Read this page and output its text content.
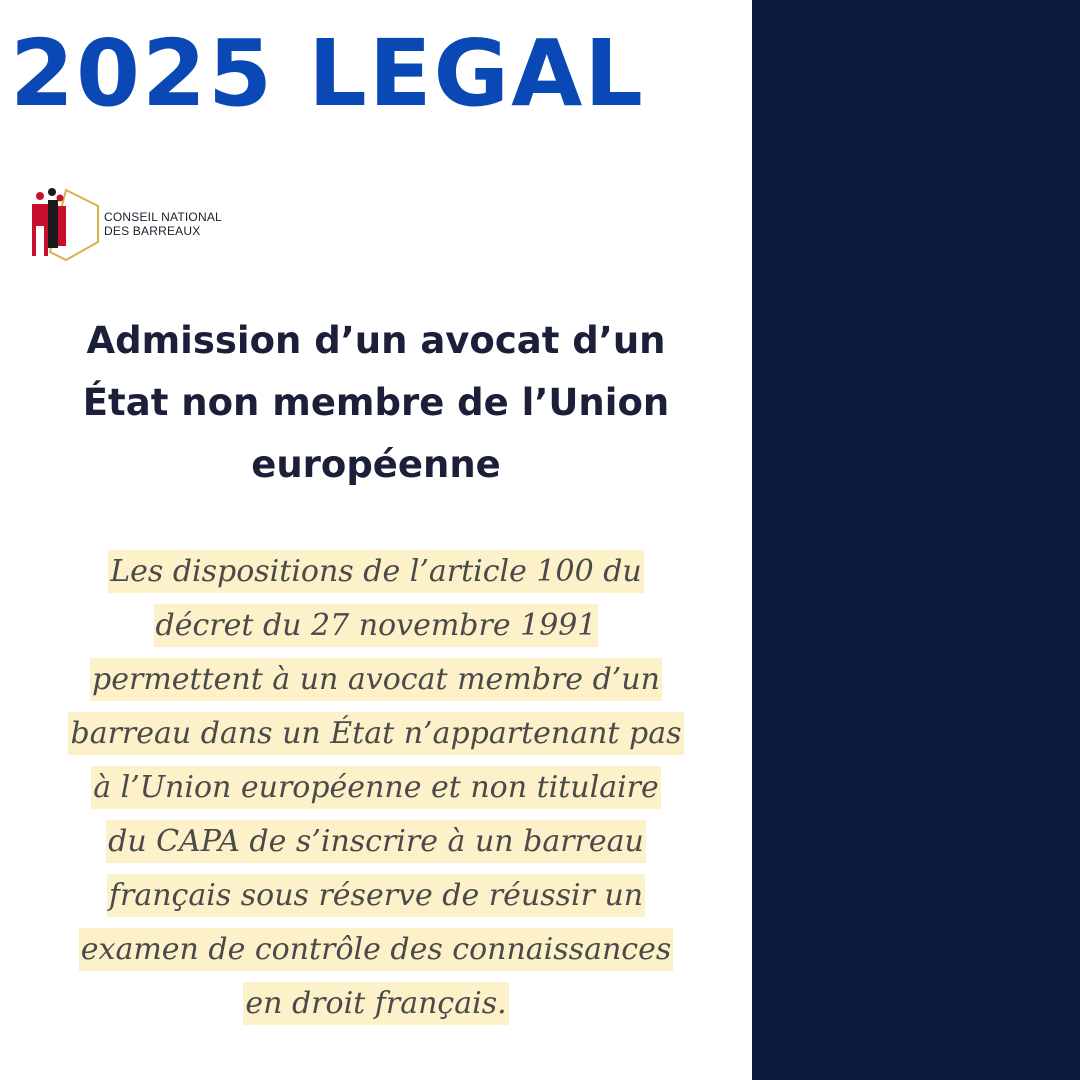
2025 LEGAL
CONSEIL NATIONAL
DES BARREAUX
Admission d’un avocat d’un
État non membre de l’Union
européenne
Les dispositions de l’article 100 du
décret du 27 novembre 1991
permettent à un avocat membre d’un
barreau dans un État n’appartenant pas
à l’Union européenne et non titulaire
du CAPA de s’inscrire à un barreau
français sous réserve de réussir un
examen de contrôle des connaissances
en droit français.
